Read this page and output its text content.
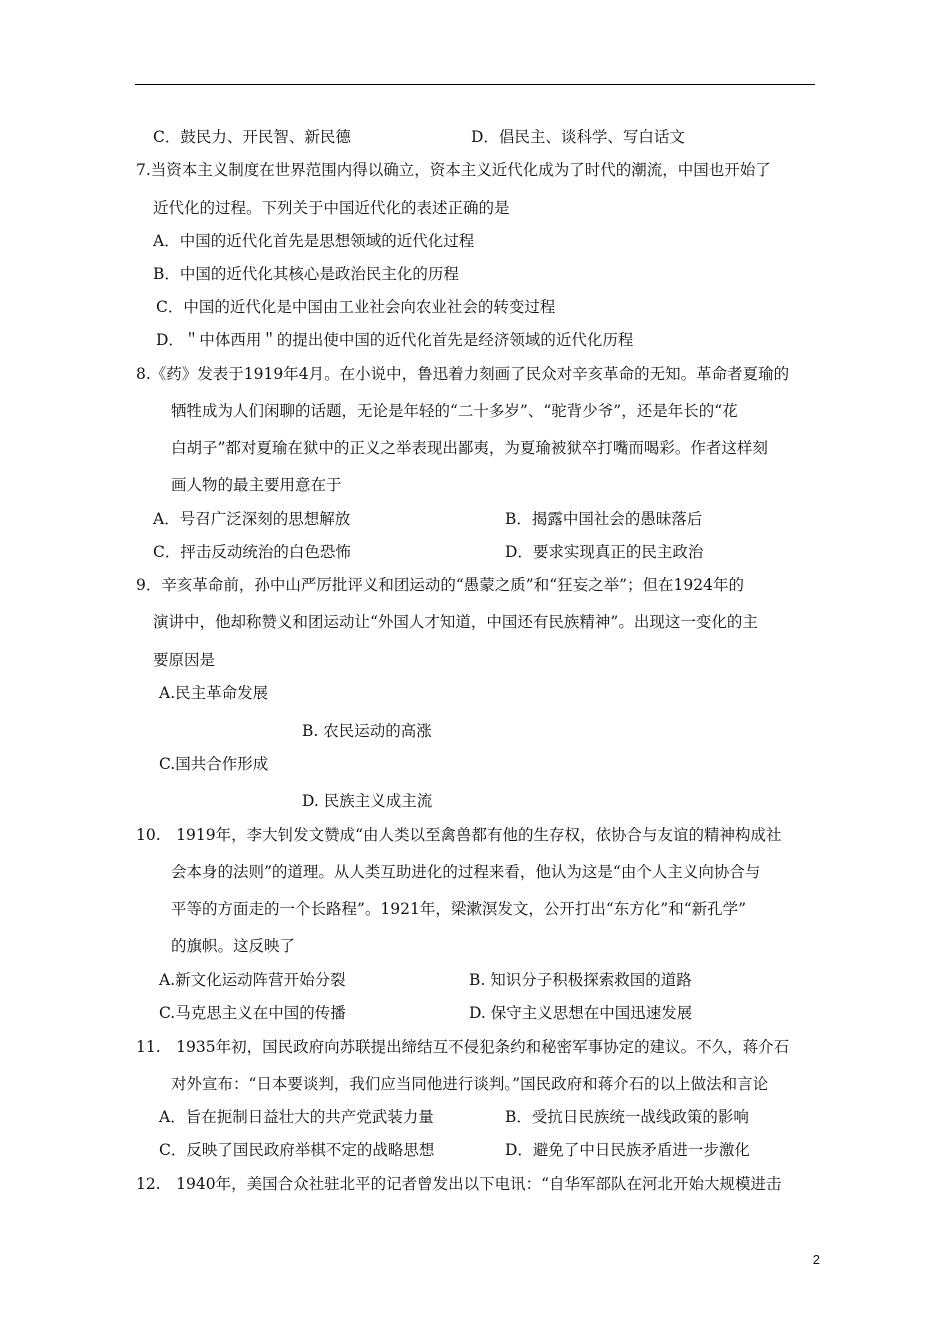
C．鼓民力、开民智、新民德	D．倡民主、谈科学、写白话文
7.当资本主义制度在世界范围内得以确立，资本主义近代化成为了时代的潮流，中国也开始了
近代化的过程。下列关于中国近代化的表述正确的是
A．中国的近代化首先是思想领域的近代化过程
B．中国的近代化其核心是政治民主化的历程
C．中国的近代化是中国由工业社会向农业社会的转变过程
D．＂中体西用＂的提出使中国的近代化首先是经济领域的近代化历程
8.《药》发表于1919年4月。在小说中，鲁迅着力刻画了民众对辛亥革命的无知。革命者夏瑜的
牺牲成为人们闲聊的话题，无论是年轻的“二十多岁”、“驼背少爷”，还是年长的“花
白胡子”都对夏瑜在狱中的正义之举表现出鄙夷，为夏瑜被狱卒打嘴而喝彩。作者这样刻
画人物的最主要用意在于
A．号召广泛深刻的思想解放	B．揭露中国社会的愚昧落后
C．抨击反动统治的白色恐怖	D．要求实现真正的民主政治
9．辛亥革命前，孙中山严厉批评义和团运动的“愚蒙之质”和“狂妄之举”；但在1924年的
演讲中，他却称赞义和团运动让“外国人才知道，中国还有民族精神”。出现这一变化的主
要原因是
A.民主革命发展
B. 农民运动的高涨
C.国共合作形成
D. 民族主义成主流
10.　1919年，李大钊发文赞成“由人类以至禽兽都有他的生存权，依协合与友谊的精神构成社
会本身的法则”的道理。从人类互助进化的过程来看，他认为这是“由个人主义向协合与
平等的方面走的一个长路程”。1921年，梁漱溟发文，公开打出“东方化”和“新孔学”
的旗帜。这反映了
A.新文化运动阵营开始分裂	B. 知识分子积极探索救国的道路
C.马克思主义在中国的传播	D. 保守主义思想在中国迅速发展
11.　1935年初，国民政府向苏联提出缔结互不侵犯条约和秘密军事协定的建议。不久，蒋介石
对外宣布：“日本要谈判，我们应当同他进行谈判。”国民政府和蒋介石的以上做法和言论
A．旨在扼制日益壮大的共产党武装力量	B．受抗日民族统一战线政策的影响
C．反映了国民政府举棋不定的战略思想	D．避免了中日民族矛盾进一步激化
12.　1940年，美国合众社驻北平的记者曾发出以下电讯：“自华军部队在河北开始大规模进击
2
